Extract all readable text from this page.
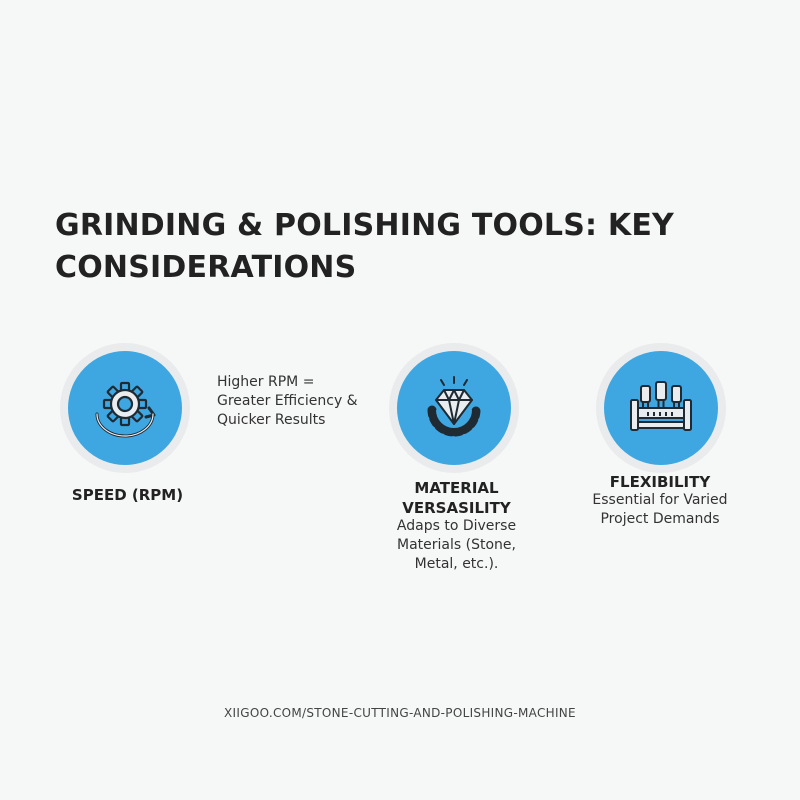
GRINDING & POLISHING TOOLS: KEY CONSIDERATIONS
SPEED (RPM)
Higher RPM = Greater Efficiency & Quicker Results
MATERIAL VERSASILITY
Adaps to Diverse Materials (Stone, Metal, etc.).
FLEXIBILITY
Essential for Varied Project Demands
XIIGOO.COM/STONE-CUTTING-AND-POLISHING-MACHINE
